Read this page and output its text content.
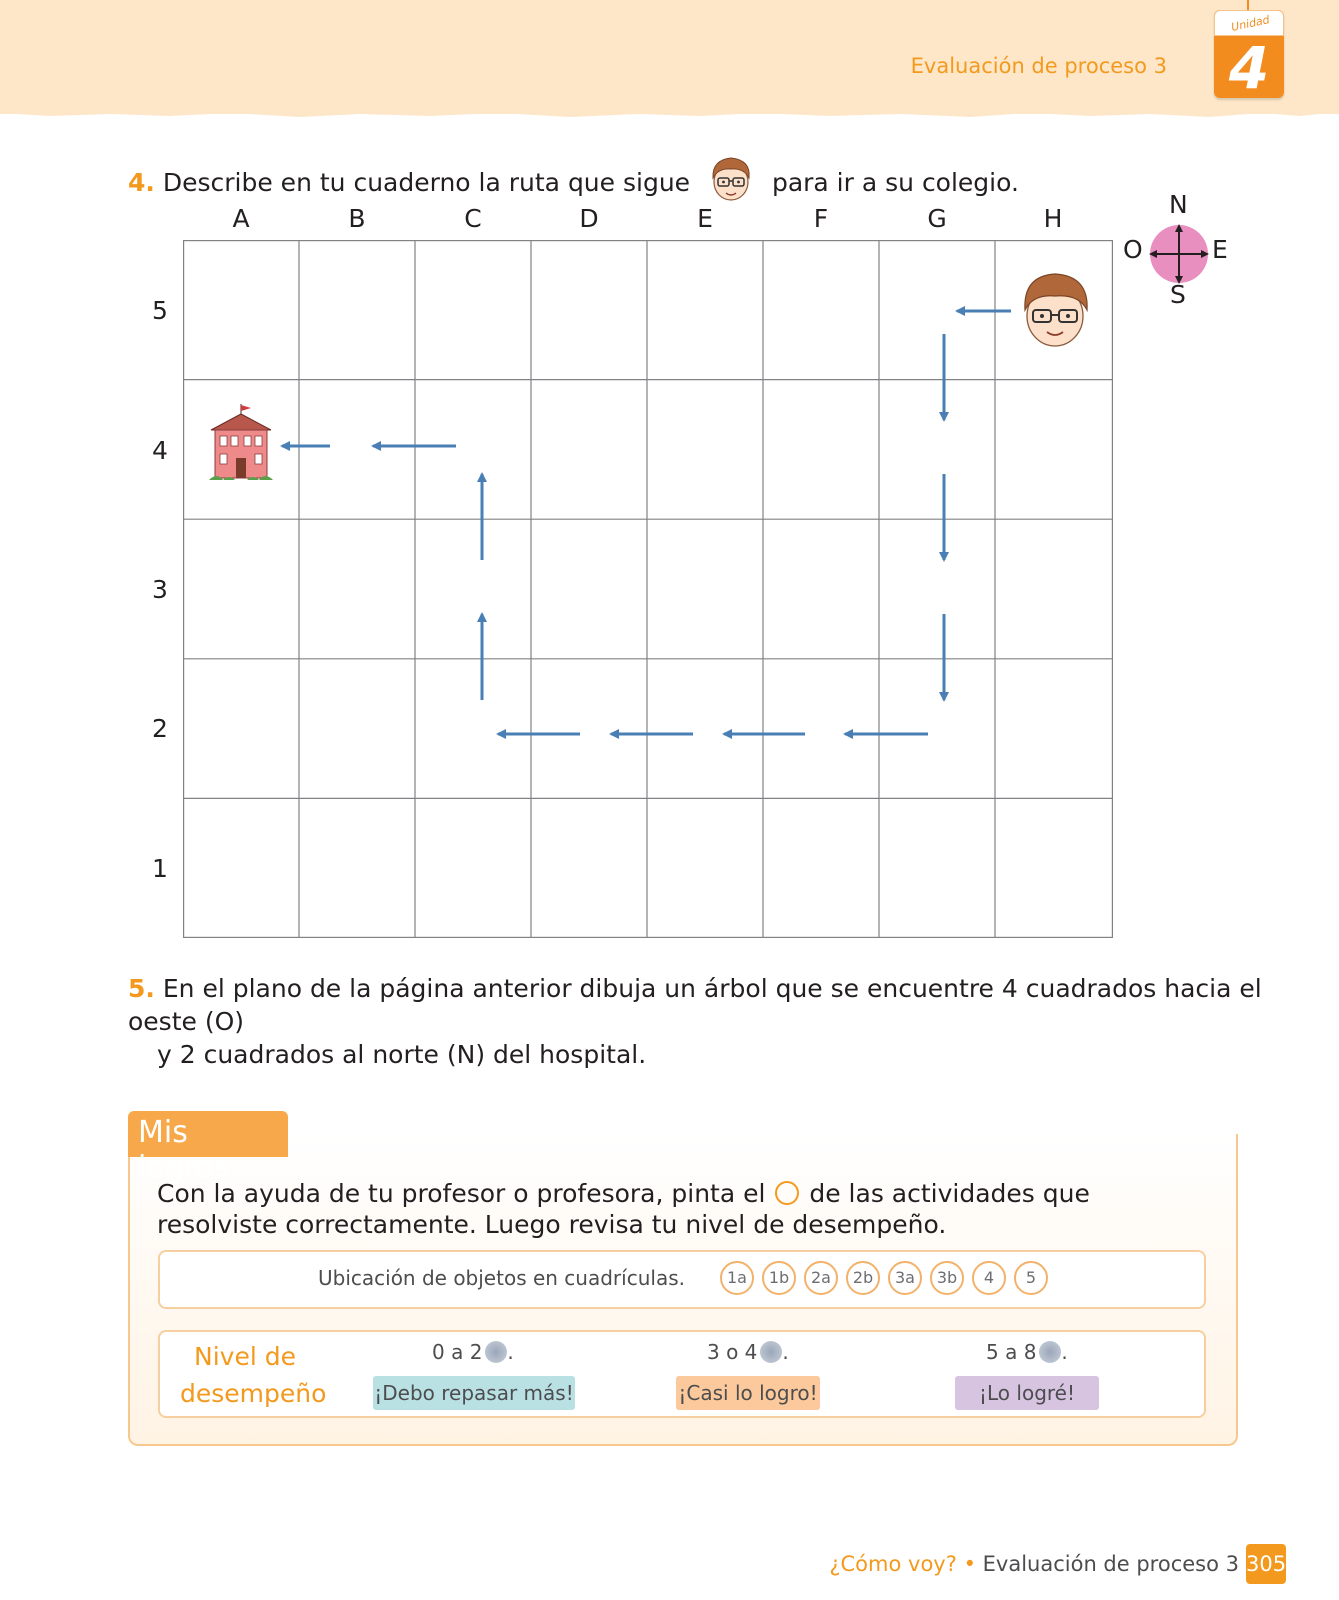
Evaluación de proceso 3
Unidad
4
4. Describe en tu cuaderno la ruta que sigue	para ir a su colegio.
A	B	C	D	E	F	G	H
5
4
3
2
1
N
S
O	E
5. En el plano de la página anterior dibuja un árbol que se encuentre 4 cuadrados hacia el oeste (O)
y 2 cuadrados al norte (N) del hospital.
Mis logros
Con la ayuda de tu profesor o profesora, pinta el de las actividades que resolviste correctamente. Luego revisa tu nivel de desempeño.
Ubicación de objetos en cuadrículas.	1a	1b	2a	2b	3a	3b	4	5
Nivel de
desempeño
0 a 2 .
¡Debo repasar más!
3 o 4 .
¡Casi lo logro!
5 a 8 .
¡Lo logré!
¿Cómo voy? • Evaluación de proceso 3 305
